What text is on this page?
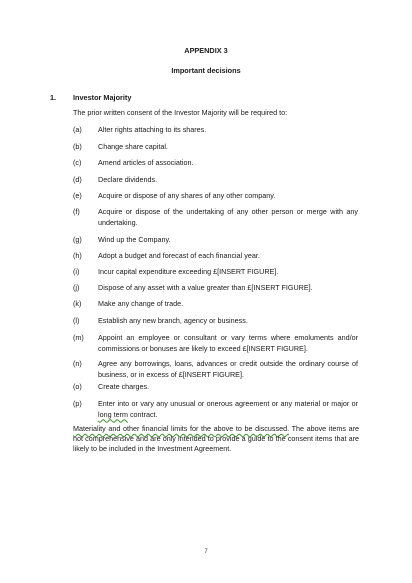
APPENDIX 3
Important decisions
1. Investor Majority
The prior written consent of the Investor Majority will be required to:
(a) Alter rights attaching to its shares.
(b) Change share capital.
(c) Amend articles of association.
(d) Declare dividends.
(e) Acquire or dispose of any shares of any other company.
(f)	Acquire or dispose of the undertaking of any other person or merge with any undertaking.
(g) Wind up the Company.
(h) Adopt a budget and forecast of each financial year.
(i)	Incur capital expenditure exceeding £[INSERT FIGURE].
(j)	Dispose of any asset with a value greater than £[INSERT FIGURE].
(k) Make any change of trade.
(l)	Establish any new branch, agency or business.
(m) Appoint an employee or consultant or vary terms where emoluments and/or commissions or bonuses are likely to exceed £[INSERT FIGURE].
(n) Agree any borrowings, loans, advances or credit outside the ordinary course of business, or in excess of £[INSERT FIGURE].
(o) Create charges.
(p) Enter into or vary any unusual or onerous agreement or any material or major or long term contract.
Materiality and other financial limits for the above to be discussed. The above items are not comprehensive and are only intended to provide a guide to the consent items that are likely to be included in the Investment Agreement.
7
